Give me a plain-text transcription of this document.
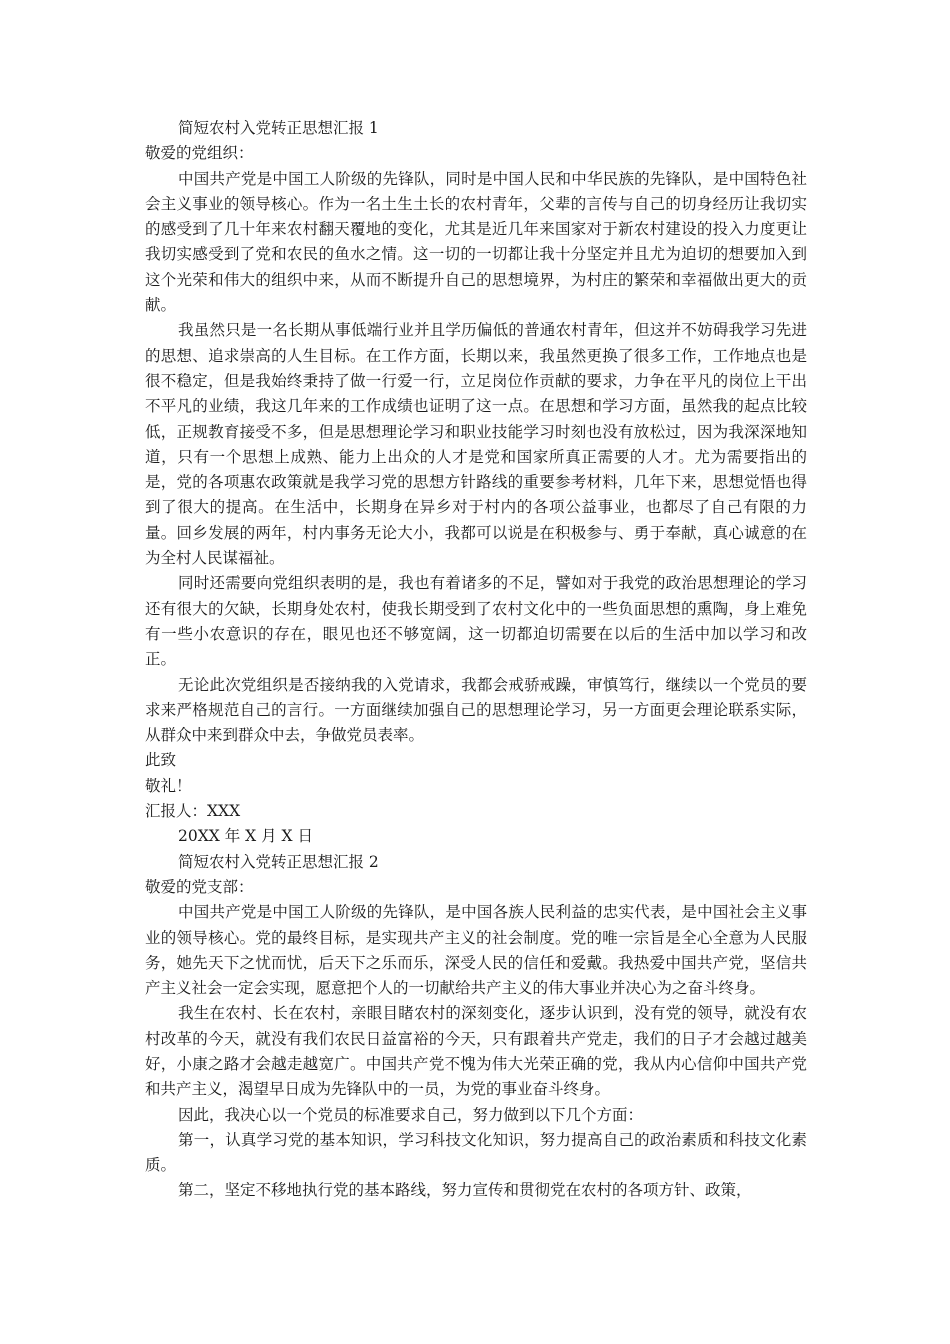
简短农村入党转正思想汇报 1

敬爱的党组织：

中国共产党是中国工人阶级的先锋队，同时是中国人民和中华民族的先锋队，是中国特色社会主义事业的领导核心。作为一名土生土长的农村青年，父辈的言传与自己的切身经历让我切实的感受到了几十年来农村翻天覆地的变化，尤其是近几年来国家对于新农村建设的投入力度更让我切实感受到了党和农民的鱼水之情。这一切的一切都让我十分坚定并且尤为迫切的想要加入到这个光荣和伟大的组织中来，从而不断提升自己的思想境界，为村庄的繁荣和幸福做出更大的贡献。

我虽然只是一名长期从事低端行业并且学历偏低的普通农村青年，但这并不妨碍我学习先进的思想、追求崇高的人生目标。在工作方面，长期以来，我虽然更换了很多工作，工作地点也是很不稳定，但是我始终秉持了做一行爱一行，立足岗位作贡献的要求，力争在平凡的岗位上干出不平凡的业绩，我这几年来的工作成绩也证明了这一点。在思想和学习方面，虽然我的起点比较低，正规教育接受不多，但是思想理论学习和职业技能学习时刻也没有放松过，因为我深深地知道，只有一个思想上成熟、能力上出众的人才是党和国家所真正需要的人才。尤为需要指出的是，党的各项惠农政策就是我学习党的思想方针路线的重要参考材料，几年下来，思想觉悟也得到了很大的提高。在生活中，长期身在异乡对于村内的各项公益事业，也都尽了自己有限的力量。回乡发展的两年，村内事务无论大小，我都可以说是在积极参与、勇于奉献，真心诚意的在为全村人民谋福祉。

同时还需要向党组织表明的是，我也有着诸多的不足，譬如对于我党的政治思想理论的学习还有很大的欠缺，长期身处农村，使我长期受到了农村文化中的一些负面思想的熏陶，身上难免有一些小农意识的存在，眼见也还不够宽阔，这一切都迫切需要在以后的生活中加以学习和改正。

无论此次党组织是否接纳我的入党请求，我都会戒骄戒躁，审慎笃行，继续以一个党员的要求来严格规范自己的言行。一方面继续加强自己的思想理论学习，另一方面更会理论联系实际，从群众中来到群众中去，争做党员表率。

此致

敬礼！

汇报人：XXX

20XX 年 X 月 X 日

简短农村入党转正思想汇报 2

敬爱的党支部：

中国共产党是中国工人阶级的先锋队，是中国各族人民利益的忠实代表，是中国社会主义事业的领导核心。党的最终目标，是实现共产主义的社会制度。党的唯一宗旨是全心全意为人民服务，她先天下之忧而忧，后天下之乐而乐，深受人民的信任和爱戴。我热爱中国共产党，坚信共产主义社会一定会实现，愿意把个人的一切献给共产主义的伟大事业并决心为之奋斗终身。

我生在农村、长在农村，亲眼目睹农村的深刻变化，逐步认识到，没有党的领导，就没有农村改革的今天，就没有我们农民日益富裕的今天，只有跟着共产党走，我们的日子才会越过越美好，小康之路才会越走越宽广。中国共产党不愧为伟大光荣正确的党，我从内心信仰中国共产党和共产主义，渴望早日成为先锋队中的一员，为党的事业奋斗终身。

因此，我决心以一个党员的标准要求自己，努力做到以下几个方面：

第一，认真学习党的基本知识，学习科技文化知识，努力提高自己的政治素质和科技文化素质。

第二，坚定不移地执行党的基本路线，努力宣传和贯彻党在农村的各项方针、政策，
